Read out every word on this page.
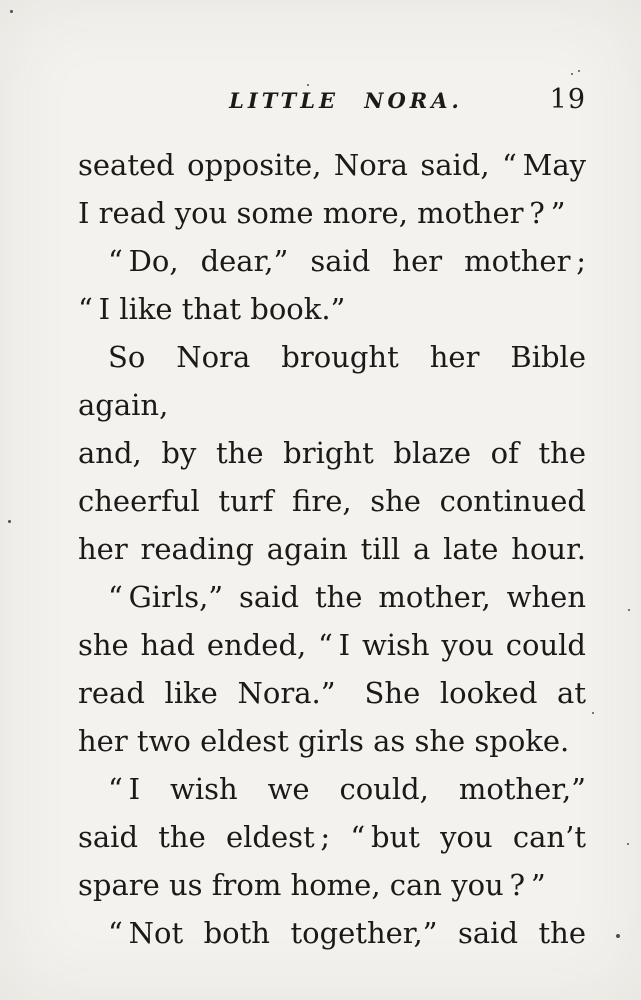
LITTLE NORA.	19
seated opposite, Nora said, “ May
I read you some more, mother ? ”
“ Do, dear,” said her mother ;
“ I like that book.”
So Nora brought her Bible again,
and, by the bright blaze of the
cheerful turf fire, she continued
her reading again till a late hour.
“ Girls,” said the mother, when
she had ended, “ I wish you could
read like Nora.” She looked at
her two eldest girls as she spoke.
“ I wish we could, mother,”
said the eldest ; “ but you can’t
spare us from home, can you ? ”
“ Not both together,” said the
